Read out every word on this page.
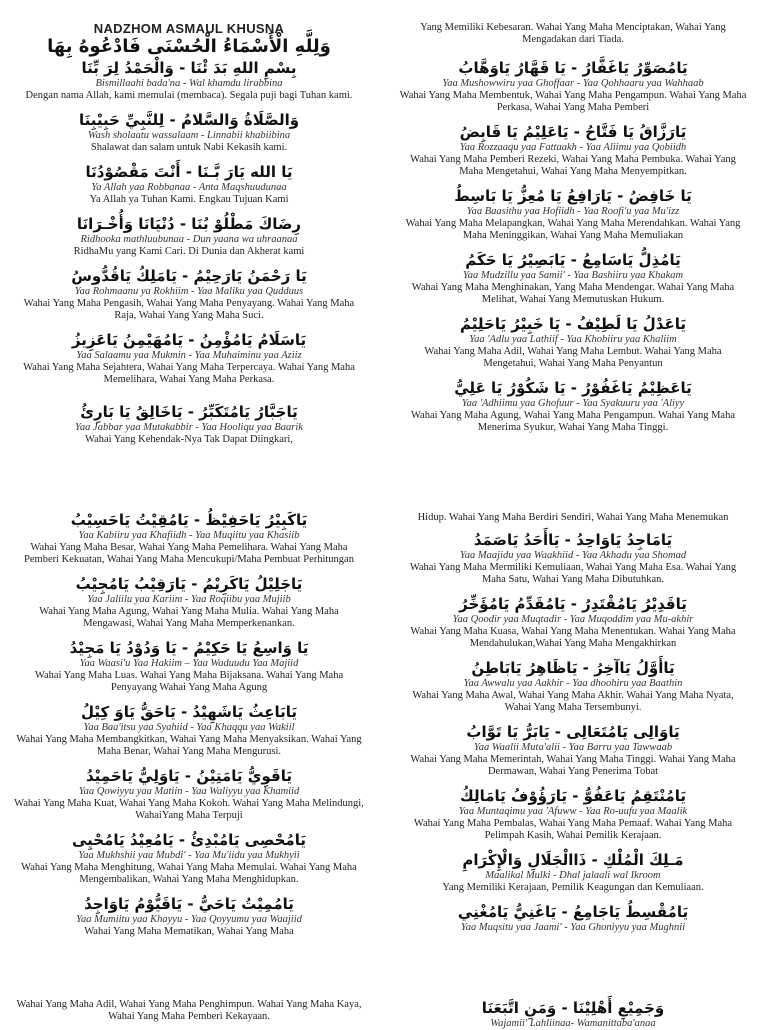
NADZHOM ASMAUL KHUSNA
وَلِلَّهِ الْأَسْمَاءُ الْحُسْنَى فَادْعُوهُ بِهَا
بِسْمِ اللهِ بَدَ ئْنَا - وَالْحَمْدُ لِرَ بِّنَا
Bismillaahi bada'na - Wal khamdu lirabbina
Dengan nama Allah, kami memulai (membaca). Segala puji bagi Tuhan kami.
وَالصَّلَاةُ وَالسَّلامُ - لِلنَّبِيِّ حَبِيْبِنَا
Wash sholaatu wassalaam - Linnabii khabiibina
Shalawat dan salam untuk Nabi Kekasih kami.
يَا الله يَارَ بَّـنَا - أَنْتَ مَقْصُوْدُنَا
Ya Allah yaa Robbanaa - Anta Maqshuudunaa
Ya Allah ya Tuhan Kami. Engkau Tujuan Kami
رِضَاكَ مَطْلُوْ بُنَا - دُنْيَانَا وَأُخْـرَانَا
Ridhooka mathluubunaa - Dun yaana wa uhraanaa
RidhaMu yang Kami Cari. Di Dunia dan Akherat kami
يَا رَحْمَنُ يَارَحِيْمُ - يَامَلِكُ يَاقُدُّوسُ
Yaa Rohmaanu ya Rokhiim - Yaa Maliku yaa Qudduus
Wahai Yang Maha Pengasih, Wahai Yang Maha Penyayang. Wahai Yang Maha Raja, Wahai Yang Yang Maha Suci.
يَاسَلَامُ يَامُؤْمِنُ - يَامُهَيْمِنُ يَاعَزِيزُ
Yaa Salaamu yaa Mukmin - Yaa Muhaiminu yaa Aziiz
Wahai Yang Maha Sejahtera, Wahai Yang Maha Terpercaya. Wahai Yang Maha Memelihara, Wahai Yang Maha Perkasa.
يَاجَبَّارُ يَامُتَكَبِّرُ - يَاخَالِقُ يَا بَارِئُ
Yaa Jabbar yaa Mutakabbir - Yaa Hooliqu yaa Baarik
Wahai Yang Kehendak-Nya Tak Dapat Diingkari,
Yang Memiliki Kebesaran. Wahai Yang Maha Menciptakan, Wahai Yang Mengadakan dari Tiada.
يَامُصَوِّرُ يَاغَفَّارُ - يَا قَهَّارُ يَاوَهَّابُ
Yaa Mushowwiru yaa Ghoffaar - Yaa Qohhaaru yaa Wahhaab
Wahai Yang Maha Membentuk, Wahai Yang Maha Pengampun. Wahai Yang Maha Perkasa, Wahai Yang Maha Pemberi
يَارَزَّاقُ يَا فَتَّاحُ - يَاعَلِيْمُ يَا قَابِضُ
Yaa Rozzaaqu yaa Fattaakh - Yaa Aliimu yaa Qobiidh
Wahai Yang Maha Pemberi Rezeki, Wahai Yang Maha Pembuka. Wahai Yang Maha Mengetahui, Wahai Yang Maha Menyempitkan.
يَا خَافِضُ - يَارَافِعُ يَا مُعِزُّ يَا بَاسِطُ
Yaa Baasithu yaa Hofiidh - Yaa Roofi'u yaa Mu'izz
Wahai Yang Maha Melapangkan, Wahai Yang Maha Merendahkan. Wahai Yang Maha Meninggikan, Wahai Yang Maha Memuliakan
يَامُذِلُّ يَاسَامِعُ - يَابَصِيْرُ يَا حَكَمُ
Yaa Mudzillu yaa Samii' - Yaa Bashiiru yaa Khakam
Wahai Yang Maha Menghinakan, Yang Maha Mendengar. Wahai Yang Maha Melihat, Wahai Yang Memutuskan Hukum.
يَاعَدْلُ يَا لَطِيْفُ - يَا خَبِيْرُ يَاحَلِيْمُ
Yaa 'Adlu yaa Lathiif - Yaa Khobiiru yaa Khaliim
Wahai Yang Maha Adil, Wahai Yang Maha Lembut. Wahai Yang Maha Mengetahui, Wahai Yang Maha Penyantun
يَاعَظِيْمُ يَاغَفُوْرُ - يَا شَكُوْرُ يَا عَلِيُّ
Yaa 'Adhiimu yaa Ghofuur - Yaa Syakuuru yaa 'Aliyy
Wahai Yang Maha Agung, Wahai Yang Maha Pengampun. Wahai Yang Maha Menerima Syukur, Wahai Yang Maha Tinggi.
يَاكَبِيْرُ يَاحَفِيْظُ - يَامُقِيْتُ يَاحَسِيْبُ
Yaa Kabiiru yaa Khafiidh - Yaa Muqiitu yaa Khasiib
Wahai Yang Maha Besar, Wahai Yang Maha Pemelihara. Wahai Yang Maha Pemberi Kekuatan, Wahai Yang Maha Mencukupi/Maha Pembuat Perhitungan
يَاجَلِيْلُ يَاكَرِيْمُ - يَارَقِيْبُ يَامُجِيْبُ
Yaa Jaliilu yaa Kariim - Yaa Roqiibu yaa Mujiib
Wahai Yang Maha Agung, Wahai Yang Maha Mulia. Wahai Yang Maha Mengawasi, Wahai Yang Maha Memperkenankan.
يَا وَاسِعُ يَا حَكِيْمُ - يَا وَدُوْدُ يَا مَجِيْدُ
Yaa Waasi'u Yaa Hakiim – Yaa Waduudu Yaa Majiid
Wahai Yang Maha Luas. Wahai Yang Maha Bijaksana. Wahai Yang Maha Penyayang Wahai Yang Maha Agung
يَابَاعِثُ يَاشَهِيْدُ - يَاحَقُّ يَاوَ كِيْلُ
Yaa Baa'itsu yaa Syahiid - Yaa Khaqqu yaa Wakiil
Wahai Yang Maha Membangkitkan, Wahai Yang Maha Menyaksikan. Wahai Yang Maha Benar, Wahai Yang Maha Mengurusi.
يَاقَوِيُّ يَامَتِيْنُ - يَاوَلِيُّ يَاحَمِيْدُ
Yaa Qowiyyu yaa Matiin - Yaa Waliyyu yaa Khamiid
Wahai Yang Maha Kuat, Wahai Yang Maha Kokoh. Wahai Yang Maha Melindungi, WahaiYang Maha Terpuji
يَامُحْصِى يَامُبْدِئُ - يَامُعِيْدُ يَامُحْيِى
Yaa Mukhshii yaa Mubdi' - Yaa Mu'iidu yaa Mukhyii
Wahai Yang Maha Menghitung, Wahai Yang Maha Memulai. Wahai Yang Maha Mengembalikan, Wahai Yang Maha Menghidupkan.
يَامُمِيْتُ يَاحَيُّ - يَاقَيُّوْمُ يَاوَاجِدُ
Yaa Mumiitu yaa Khayyu - Yaa Qoyyumu yaa Waajiid
Wahai Yang Maha Mematikan, Wahai Yang Maha
Hidup. Wahai Yang Maha Berdiri Sendiri, Wahai Yang Maha Menemukan
يَامَاجِدُ يَاوَاحِدُ - يَاأَحَدُ يَاصَمَدُ
Yaa Maajidu yaa Waakhiid - Yaa Akhadu yaa Shomad
Wahai Yang Maha Mermiliki Kemuliaan, Wahai Yang Maha Esa. Wahai Yang Maha Satu, Wahai Yang Maha Dibutuhkan.
يَاقَدِيْرُ يَامُقْتَدِرُ - يَامُقَدِّمُ يَامُؤَخِّرُ
Yaa Qoodir yaa Muqtadir - Yaa Muqoddim yaa Mu-akhir
Wahai Yang Maha Kuasa, Wahai Yang Maha Menentukan. Wahai Yang Maha Mendahulukan,Wahai Yang Maha Mengakhirkan
يَاأَوَّلُ يَاآخِرُ - يَاظَاهِرُ يَابَاطِنُ
Yaa Awwalu yaa Aakhir - Yaa dhoohiru yaa Baathin
Wahai Yang Maha Awal, Wahai Yang Maha Akhir. Wahai Yang Maha Nyata, Wahai Yang Maha Tersembunyi.
يَاوَالِى يَامُتَعَالِى - يَابَرُّ يَا تَوَّابُ
Yaa Waalii Muta'alii - Yaa Barru yaa Tawwaab
Wahai Yang Maha Memerintah, Wahai Yang Maha Tinggi. Wahai Yang Maha Dermawan, Wahai Yang Penerima Tobat
يَامُنْتَقِمُ يَاعَفُوُّ - يَارَؤُوْفُ يَامَالِكُ
Yaa Muntaqimu yaa 'Afuww - Yaa Ro-uufu yaa Maalik
Wahai Yang Maha Pembalas, Wahai Yang Maha Pemaaf. Wahai Yang Maha Pelimpah Kasih, Wahai Pemilik Kerajaan.
مَـلِكَ الْمُلْكِ - ذَاالْجَلَالِ وَالْإِكْرَامِ
Maalikal Mulki - Dhal jalaali wal Ikroom
Yang Memiliki Kerajaan, Pemilik Keagungan dan Kemuliaan.
يَامُقْسِطُ يَاجَامِعُ - يَاغَنِيُّ يَامُغْنِي
Yaa Muqsitu yaa Jaami' - Yaa Ghoniyyu yaa Mughnii
Wahai Yang Maha Adil, Wahai Yang Maha Penghimpun. Wahai Yang Maha Kaya, Wahai Yang Maha Pemberi Kekayaan.	وَجَمِيْعِ أَهْلِيْنَا - وَمَنِ اتَّبَعَنَا
Wajamii' Lahliinaa- Wamanittaba'anaa
